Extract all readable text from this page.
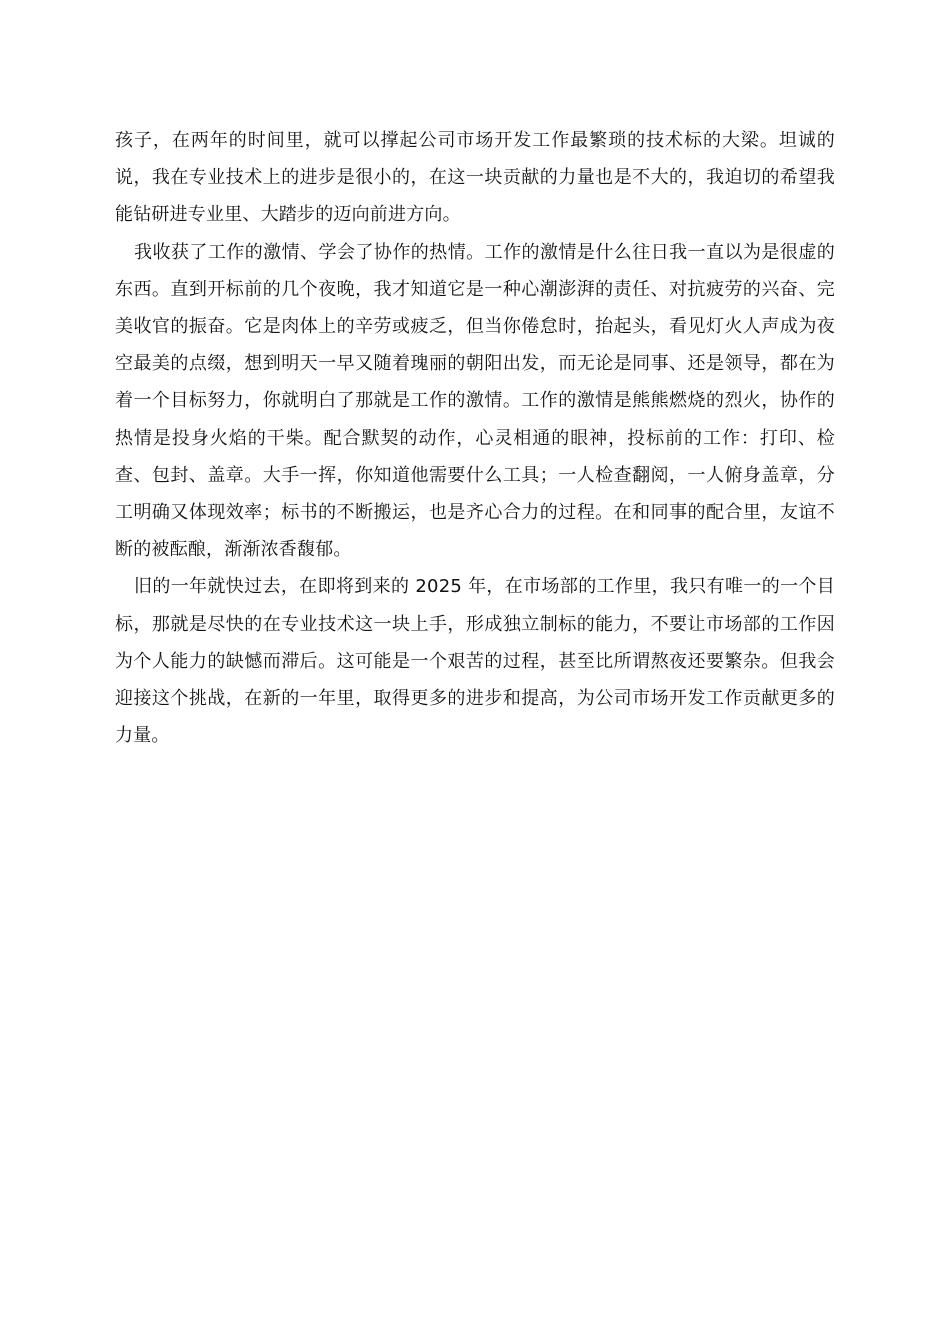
孩子，在两年的时间里，就可以撑起公司市场开发工作最繁琐的技术标的大梁。坦诚的说，我在专业技术上的进步是很小的，在这一块贡献的力量也是不大的，我迫切的希望我能钻研进专业里、大踏步的迈向前进方向。

我收获了工作的激情、学会了协作的热情。工作的激情是什么往日我一直以为是很虚的东西。直到开标前的几个夜晚，我才知道它是一种心潮澎湃的责任、对抗疲劳的兴奋、完美收官的振奋。它是肉体上的辛劳或疲乏，但当你倦怠时，抬起头，看见灯火人声成为夜空最美的点缀，想到明天一早又随着瑰丽的朝阳出发，而无论是同事、还是领导，都在为着一个目标努力，你就明白了那就是工作的激情。工作的激情是熊熊燃烧的烈火，协作的热情是投身火焰的干柴。配合默契的动作，心灵相通的眼神，投标前的工作：打印、检查、包封、盖章。大手一挥，你知道他需要什么工具；一人检查翻阅，一人俯身盖章，分工明确又体现效率；标书的不断搬运，也是齐心合力的过程。在和同事的配合里，友谊不断的被酝酿，渐渐浓香馥郁。

旧的一年就快过去，在即将到来的 2025 年，在市场部的工作里，我只有唯一的一个目标，那就是尽快的在专业技术这一块上手，形成独立制标的能力，不要让市场部的工作因为个人能力的缺憾而滞后。这可能是一个艰苦的过程，甚至比所谓熬夜还要繁杂。但我会迎接这个挑战，在新的一年里，取得更多的进步和提高，为公司市场开发工作贡献更多的力量。
